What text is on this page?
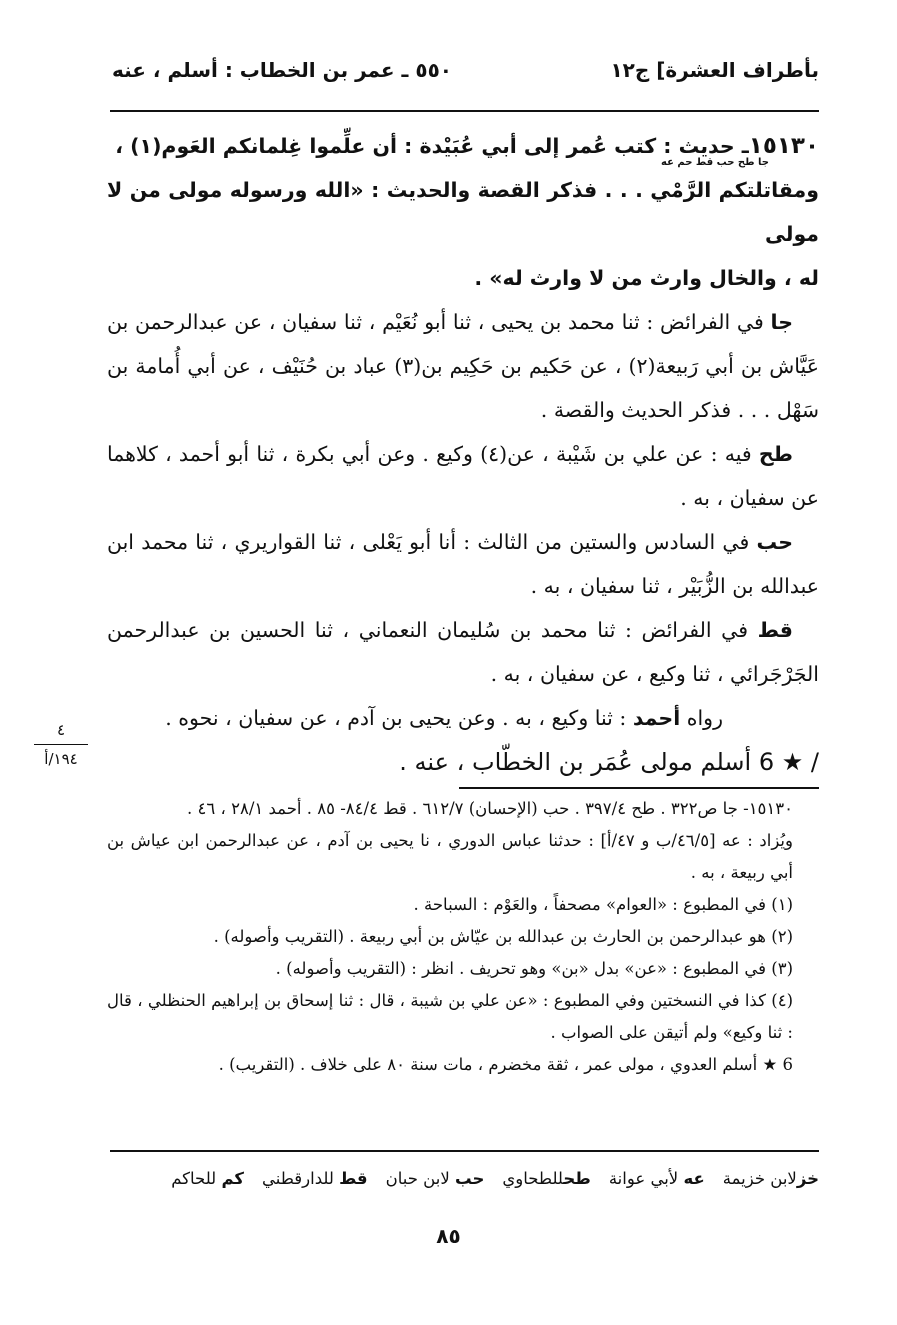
بأطراف العشرة] ج١٢
٥٥٠ ـ عمر بن الخطاب : أسلم ، عنه

١٥١٣٠ـ حديث : كتب عُمر إلى أبي عُبَيْدة : أن علِّموا غِلمانكم العَوم(١) ،
جا طح حب قط حم عه

ومقاتلتكم الرَّمْي . . . فذكر القصة والحديث : «الله ورسوله مولى من لا مولى

له ، والخال وارث من لا وارث له» .

جا في الفرائض : ثنا محمد بن يحيى ، ثنا أبو نُعَيْم ، ثنا سفيان ، عن عبدالرحمن بن عَيَّاش بن أبي رَبيعة(٢) ، عن حَكيم بن حَكِيم بن(٣) عباد بن حُنَيْف ، عن أبي أُمامة بن سَهْل . . . فذكر الحديث والقصة .

طح فيه : عن علي بن شَيْبة ، عن(٤) وكيع . وعن أبي بكرة ، ثنا أبو أحمد ، كلاهما عن سفيان ، به .

حب في السادس والستين من الثالث : أنا أبو يَعْلى ، ثنا القواريري ، ثنا محمد ابن عبدالله بن الزُّبَيْر ، ثنا سفيان ، به .

قط في الفرائض : ثنا محمد بن سُليمان النعماني ، ثنا الحسين بن عبدالرحمن الجَرْجَرائي ، ثنا وكيع ، عن سفيان ، به .

رواه أحمد : ثنا وكيع ، به . وعن يحيى بن آدم ، عن سفيان ، نحوه .

6 ★ / أسلم مولى عُمَر بن الخطّاب ، عنه .

٤
١٩٤/أ

١٥١٣٠- جا ص٣٢٢ . طح ٣٩٧/٤ . حب (الإحسان) ٦١٢/٧ . قط ٨٤/٤- ٨٥ . أحمد ٢٨/١ ، ٤٦ .

ويُزاد : عه [٤٦/٥/ب و ٤٧/أ] : حدثنا عباس الدوري ، نا يحيى بن آدم ، عن عبدالرحمن ابن عياش بن أبي ربيعة ، به .

(١) في المطبوع : «العوام» مصحفاً ، والعَوْم : السباحة .

(٢) هو عبدالرحمن بن الحارث بن عبدالله بن عيّاش بن أبي ربيعة . (التقريب وأصوله) .

(٣) في المطبوع : «عن» بدل «بن» وهو تحريف . انظر : (التقريب وأصوله) .

(٤) كذا في النسختين وفي المطبوع : «عن علي بن شيبة ، قال : ثنا إسحاق بن إبراهيم الحنظلي ، قال : ثنا وكيع» ولم أتيقن على الصواب .

6 ★ أسلم العدوي ، مولى عمر ، ثقة مخضرم ، مات سنة ٨٠ على خلاف . (التقريب) .

خزلابن خزيمة
عه لأبي عوانة
طحللطحاوي
حب لابن حبان
قط للدارقطني
كم للحاكم
٨٥
